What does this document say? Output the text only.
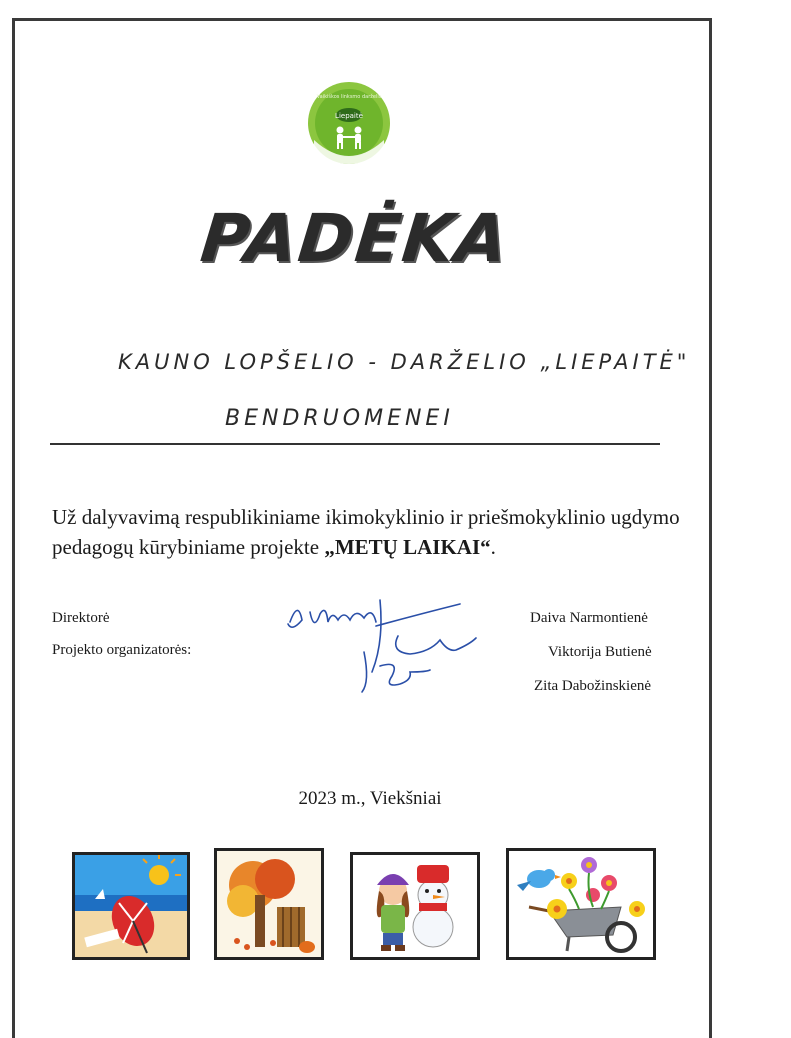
Liepaitė
Vaikiškos linksmo darželis
PADĖKA
KAUNO LOPŠELIO - DARŽELIO „LIEPAITĖ"
BENDRUOMENEI
Už dalyvavimą respublikiniame ikimokyklinio ir priešmokyklinio ugdymo pedagogų kūrybiniame projekte „METŲ LAIKAI“.
Direktorė
Projekto organizatorės:
Daiva Narmontienė
Viktorija Butienė
Zita Dabožinskienė
2023 m., Viekšniai
